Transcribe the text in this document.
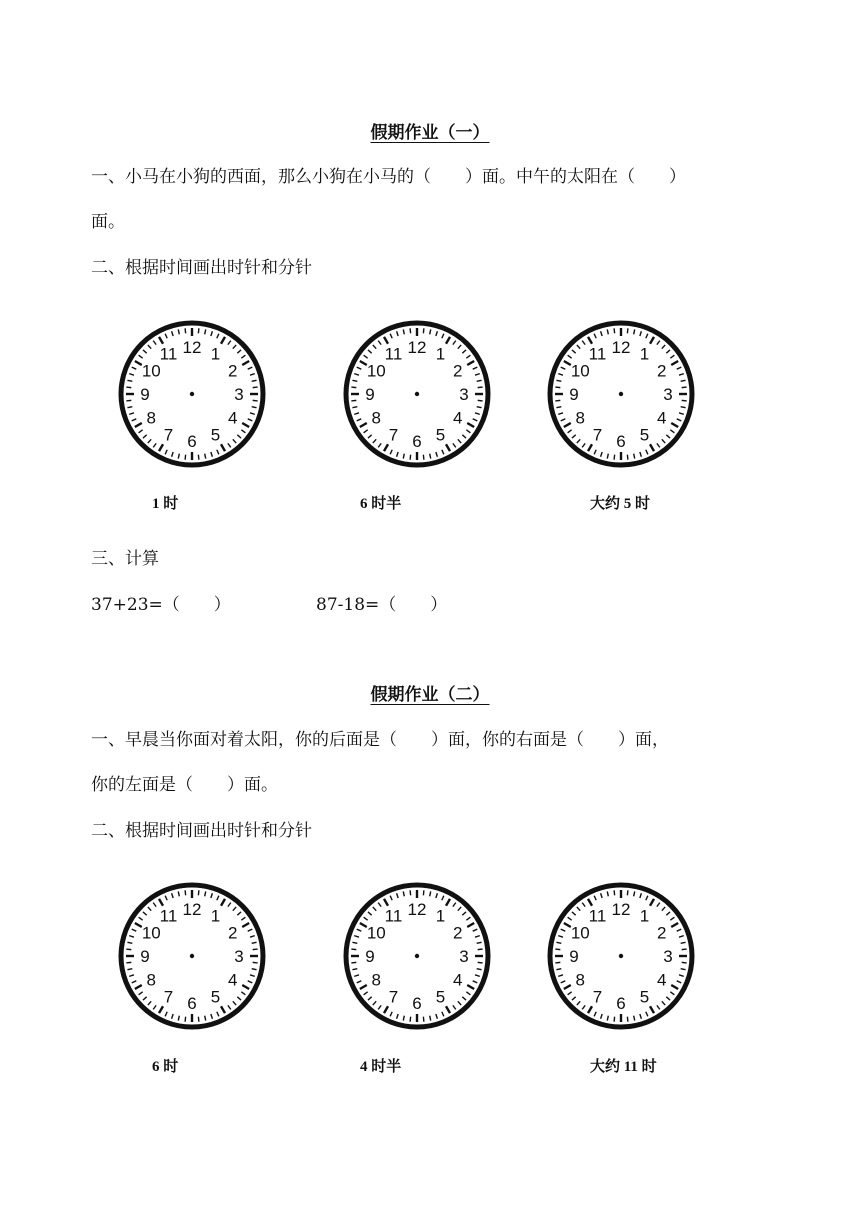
假期作业（一）
一、小马在小狗的西面，那么小狗在小马的（　　）面。中午的太阳在（　　）
面。
二、根据时间画出时针和分针
12 1
2
3
4
5
6
7
8
9
10
11	12 1
2
3
4
5
6
7
8
9
10
11	12 1
2
3
4
5
6
7
8
9
10
11
1 时	6 时半	大约 5 时
三、计算
37+23=（　　）	87-18=（　　）
假期作业（二）
一、早晨当你面对着太阳，你的后面是（　　）面，你的右面是（　　）面，
你的左面是（　　）面。
二、根据时间画出时针和分针
12 1
2
3
4
5
6
7
8
9
10
11	12 1
2
3
4
5
6
7
8
9
10
11	12 1
2
3
4
5
6
7
8
9
10
11
6 时	4 时半	大约 11 时
